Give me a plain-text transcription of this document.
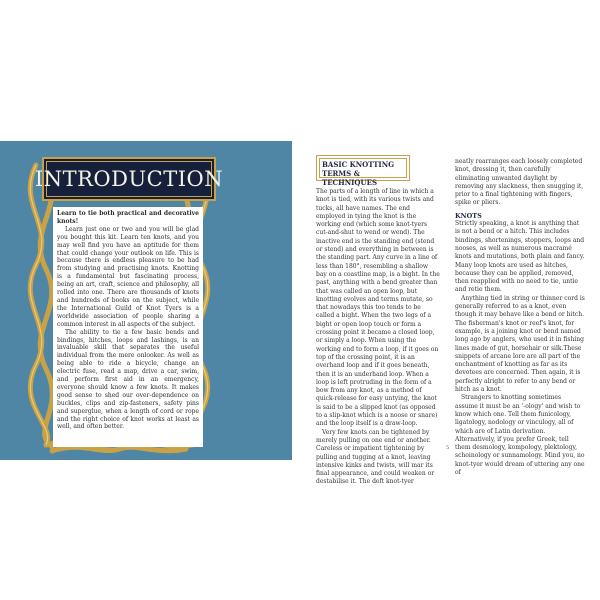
INTRODUCTION
Learn to tie both practical and decorative knots!

Learn just one or two and you will be glad you bought this kit. Learn ten knots, and you may well find you have an aptitude for them that could change your outlook on life. This is because there is endless pleasure to be had from studying and practising knots. Knotting is a fundamental but fascinating process, being an art, craft, science and philosophy, all rolled into one. There are thousands of knots and hundreds of books on the subject, while the International Guild of Knot Tyers is a worldwide association of people sharing a common interest in all aspects of the subject.

The ability to tie a few basic bends and bindings, hitches, loops and lashings, is an invaluable skill that separates the useful individual from the mere onlooker. As well as being able to ride a bicycle, change an electric fuse, read a map, drive a car, swim, and perform first aid in an emergency, everyone should know a few knots. It makes good sense to shed our over-dependence on buckles, clips and zip-fasteners, safety pins and superglue, when a length of cord or rope and the right choice of knot works at least as well, and often better.

BASIC KNOTTING
TERMS & TECHNIQUES

The parts of a length of line in which a knot is tied, with its various twists and tucks, all have names. The end employed in tying the knot is the working end (which some knot-tyers cut-and-shut to wend or wend). The inactive end is the standing end (stend or stend) and everything in between is the standing part. Any curve in a line of less than 180°, resembling a shallow bay on a coastline map, is a bight. In the past, anything with a bend greater than that was called an open loop, but knotting evolves and terms mutate, so that nowadays this too tends to be called a bight. When the two legs of a bight or open loop touch or form a crossing point it became a closed loop, or simply a loop. When using the working end to form a loop, if it goes on top of the crossing point, it is an overhand loop and if it goes beneath, then it is an underhand loop. When a loop is left protruding in the form of a bow from any knot, as a method of quick-release for easy untying, the knot is said to be a slipped knot (as opposed to a slip-knot which is a noose or snare) and the loop itself is a draw-loop.

Very few knots can be tightened by merely pulling on one end or another. Careless or impatient tightening by pulling and tugging at a knot, leaving intensive kinks and twists, will mar its final appearance, and could weaken or destabilise it. The deft knot-tyer

neatly rearranges each loosely completed knot, dressing it, then carefully eliminating unwanted daylight by removing any slackness, then snugging it, prior to a final tightening with fingers, spike or pliers.

KNOTS

Strictly speaking, a knot is anything that is not a bend or a hitch. This includes bindings, shortenings, stoppers, loops and nooses, as well as numerous macramé knots and mutations, both plain and fancy. Many loop knots are used as hitches, because they can be applied, removed, then reapplied with no need to tie, untie and retie them.

Anything tied in string or thinner cord is generally referred to as a knot, even though it may behave like a bend or hitch. The fisherman's knot or reef's knot, for example, is a joining knot or bend named long ago by anglers, who used it in fishing lines made of gut, horsehair or silk.These snippets of arcane lore are all part of the enchantment of knotting as far as its devotees are concerned. Then again, it is perfectly alright to refer to any bend or hitch as a knot.

Strangers to knotting sometimes assume it must be an '-ology' and wish to know which one. Tell them funicology, ligatology, nodology or vinculogy, all of which are of Latin derivation. Alternatively, if you prefer Greek, tell them desmology, kompology, plektology, schoinology or sunnamology. Mind you, no knot-tyer would dream of uttering any one of

5
